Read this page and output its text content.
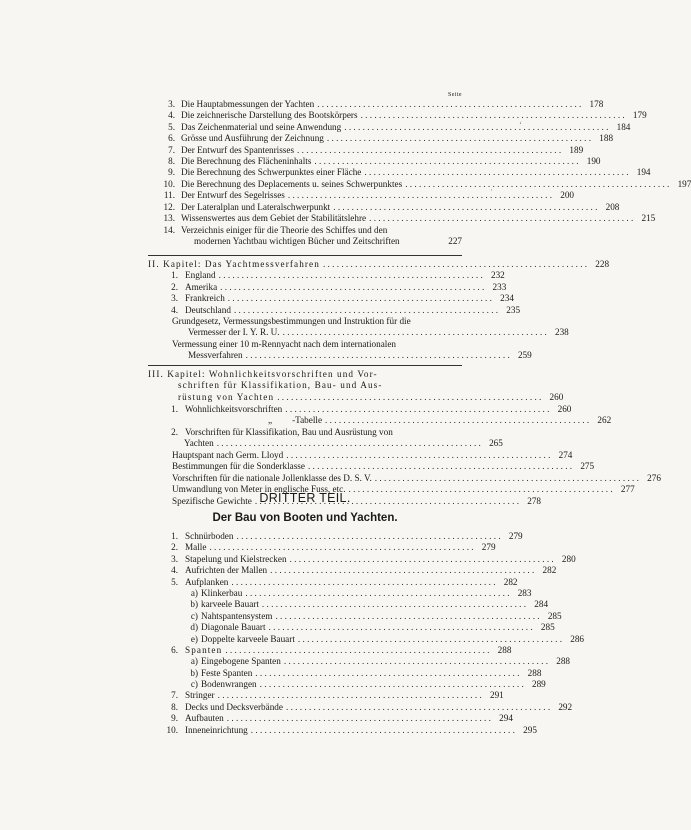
‘
·
Seite
3. Die Hauptabmessungen der Yachten . . .	178
4. Die zeichnerische Darstellung des Bootskörpers . . .	179
5. Das Zeichenmaterial und seine Anwendung . . .	184
6. Grösse und Ausführung der Zeichnung . . .	188
7. Der Entwurf des Spantenrisses . . .	189
8. Die Berechnung des Flächeninhalts . . .	190
9. Die Berechnung des Schwerpunktes einer Fläche . . .	194
10. Die Berechnung des Deplacements u. seines Schwerpunktes . . .	197
11. Der Entwurf des Segelrisses . . .	200
12. Der Lateralplan und Lateralschwerpunkt . . .	208
13. Wissenswertes aus dem Gebiet der Stabilitätslehre . . .	215
14. Verzeichnis einiger für die Theorie des Schiffes und den
modernen Yachtbau wichtigen Bücher und Zeitschriften	227
II. Kapitel: Das Yachtmessverfahren . . .	228
1. England . . .	232
2. Amerika . . .	233
3. Frankreich . . .	234
4. Deutschland . . .	235
Grundgesetz, Vermessungsbestimmungen und Instruktion für die
Vermesser der I. Y. R. U. . . .	238
Vermessung einer 10 m-Rennyacht nach dem internationalen
Messverfahren . . .	259
III. Kapitel: Wohnlichkeitsvorschriften und Vor-
schriften für Klassifikation, Bau- und Aus-
rüstung von Yachten . . .	260
1. Wohnlichkeitsvorschriften . . .	260
„	-Tabelle . . .	262
2. Vorschriften für Klassifikation, Bau und Ausrüstung von
Yachten . . .	265
Hauptspant nach Germ. Lloyd . . .	274
Bestimmungen für die Sonderklasse . . .	275
Vorschriften für die nationale Jollenklasse des D. S. V. . . .	276
Umwandlung von Meter in englische Fuss, etc. . . .	277
Spezifische Gewichte . . .	278
DRITTER TEIL.
Der Bau von Booten und Yachten.
1. Schnürboden . . .	279
2. Malle . . .	279
3. Stapelung und Kielstrecken . . .	280
4. Aufrichten der Mallen . . .	282
5. Aufplanken . . .	282
a) Klinkerbau . . .	283
b) karveele Bauart . . .	284
c) Nahtspantensystem . . .	285
d) Diagonale Bauart . . .	285
e) Doppelte karveele Bauart . . .	286
6. Spanten . . .	288
a) Eingebogene Spanten . . .	288
b) Feste Spanten . . .	288
c) Bodenwrangen . . .	289
7. Stringer . . .	291
8. Decks und Decksverbände . . .	292
9. Aufbauten . . .	294
10. Inneneinrichtung . . .	295
